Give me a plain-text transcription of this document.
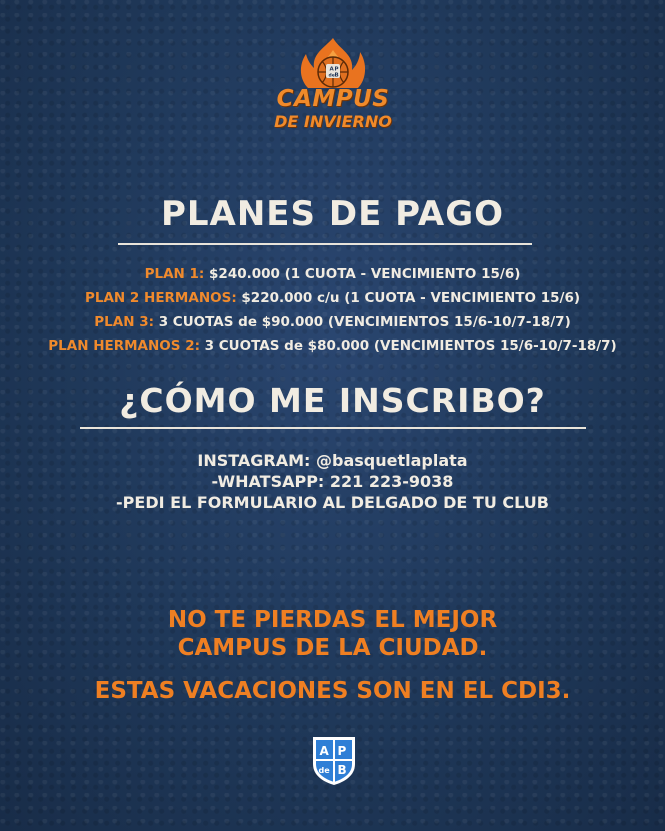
A P
de B
CAMPUS
DE INVIERNO
PLANES DE PAGO
PLAN 1: $240.000 (1 CUOTA - VENCIMIENTO 15/6)
PLAN 2 HERMANOS: $220.000 c/u (1 CUOTA - VENCIMIENTO 15/6)
PLAN 3: 3 CUOTAS de $90.000 (VENCIMIENTOS 15/6-10/7-18/7)
PLAN HERMANOS 2: 3 CUOTAS de $80.000 (VENCIMIENTOS 15/6-10/7-18/7)
¿CÓMO ME INSCRIBO?
INSTAGRAM: @basquetlaplata
-WHATSAPP: 221 223-9038
-PEDI EL FORMULARIO AL DELGADO DE TU CLUB
NO TE PIERDAS EL MEJOR
CAMPUS DE LA CIUDAD.
ESTAS VACACIONES SON EN EL CDI3.
A P
de B
